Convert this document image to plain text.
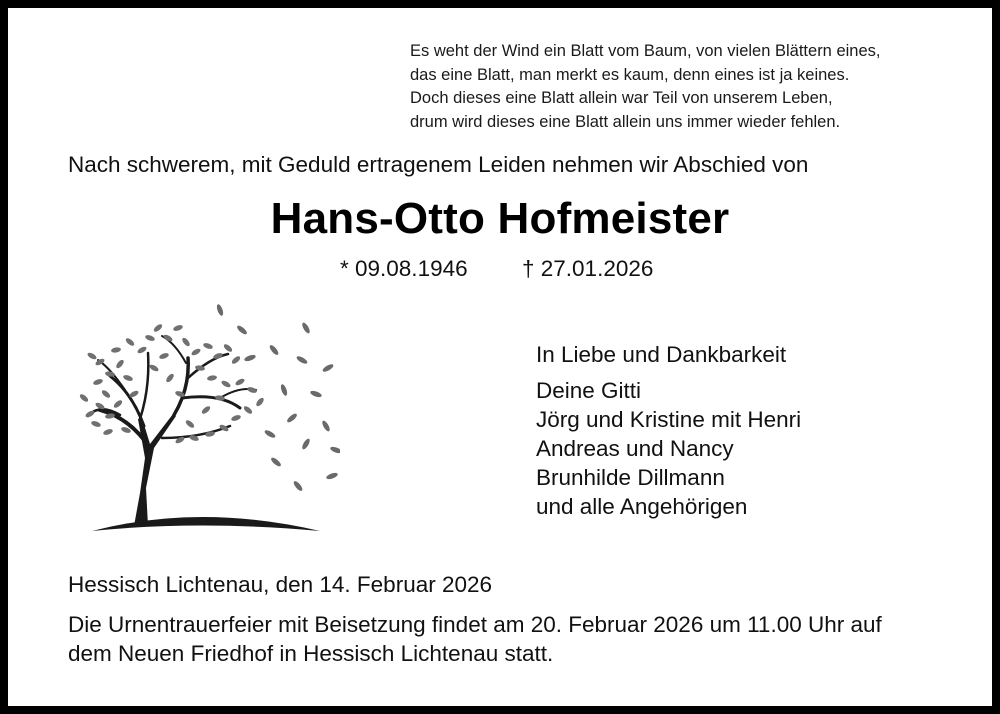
Es weht der Wind ein Blatt vom Baum, von vielen Blättern eines,
das eine Blatt, man merkt es kaum, denn eines ist ja keines.
Doch dieses eine Blatt allein war Teil von unserem Leben,
drum wird dieses eine Blatt allein uns immer wieder fehlen.
Nach schwerem, mit Geduld ertragenem Leiden nehmen wir Abschied von
Hans-Otto Hofmeister
* 09.08.1946 † 27.01.2026
In Liebe und Dankbarkeit
Deine Gitti
Jörg und Kristine mit Henri
Andreas und Nancy
Brunhilde Dillmann
und alle Angehörigen
Hessisch Lichtenau, den 14. Februar 2026
Die Urnentrauerfeier mit Beisetzung findet am 20. Februar 2026 um 11.00 Uhr auf
dem Neuen Friedhof in Hessisch Lichtenau statt.
